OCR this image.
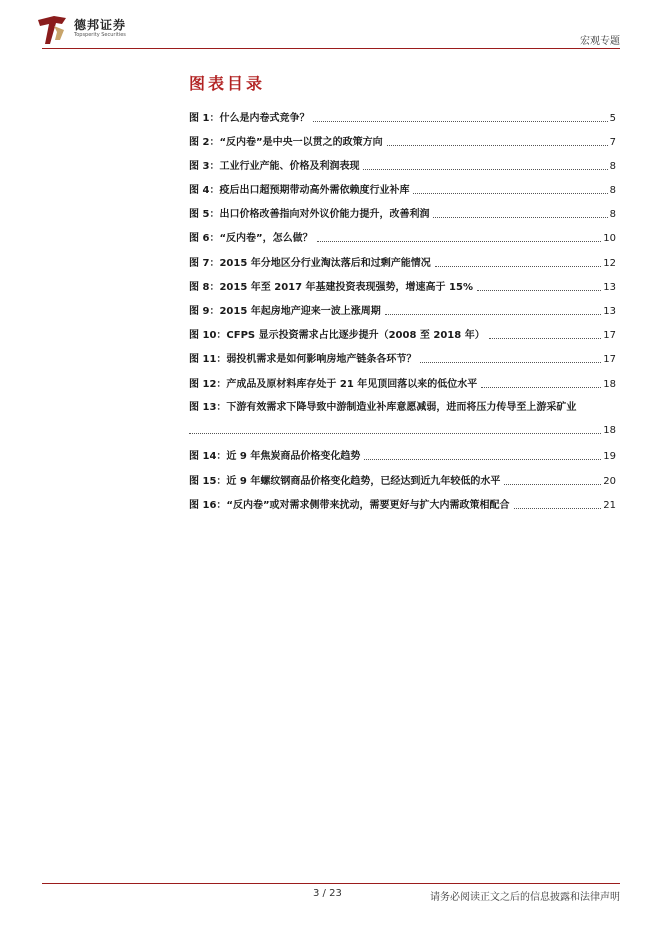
德邦证券
Topsperity Securities
宏观专题
图表目录
图 1：什么是内卷式竞争？	5
图 2：“反内卷”是中央一以贯之的政策方向	7
图 3：工业行业产能、价格及利润表现	8
图 4：疫后出口超预期带动高外需依赖度行业补库	8
图 5：出口价格改善指向对外议价能力提升，改善利润	8
图 6：“反内卷”，怎么做？	10
图 7：2015 年分地区分行业淘汰落后和过剩产能情况	12
图 8：2015 年至 2017 年基建投资表现强势，增速高于 15%	13
图 9：2015 年起房地产迎来一波上涨周期	13
图 10：CFPS 显示投资需求占比逐步提升（2008 至 2018 年）	17
图 11：弱投机需求是如何影响房地产链条各环节？	17
图 12：产成品及原材料库存处于 21 年见顶回落以来的低位水平	18
图 13：下游有效需求下降导致中游制造业补库意愿减弱，进而将压力传导至上游采矿业
18
图 14：近 9 年焦炭商品价格变化趋势	19
图 15：近 9 年螺纹钢商品价格变化趋势，已经达到近九年较低的水平	20
图 16：“反内卷”或对需求侧带来扰动，需要更好与扩大内需政策相配合	21
3 / 23	请务必阅读正文之后的信息披露和法律声明
